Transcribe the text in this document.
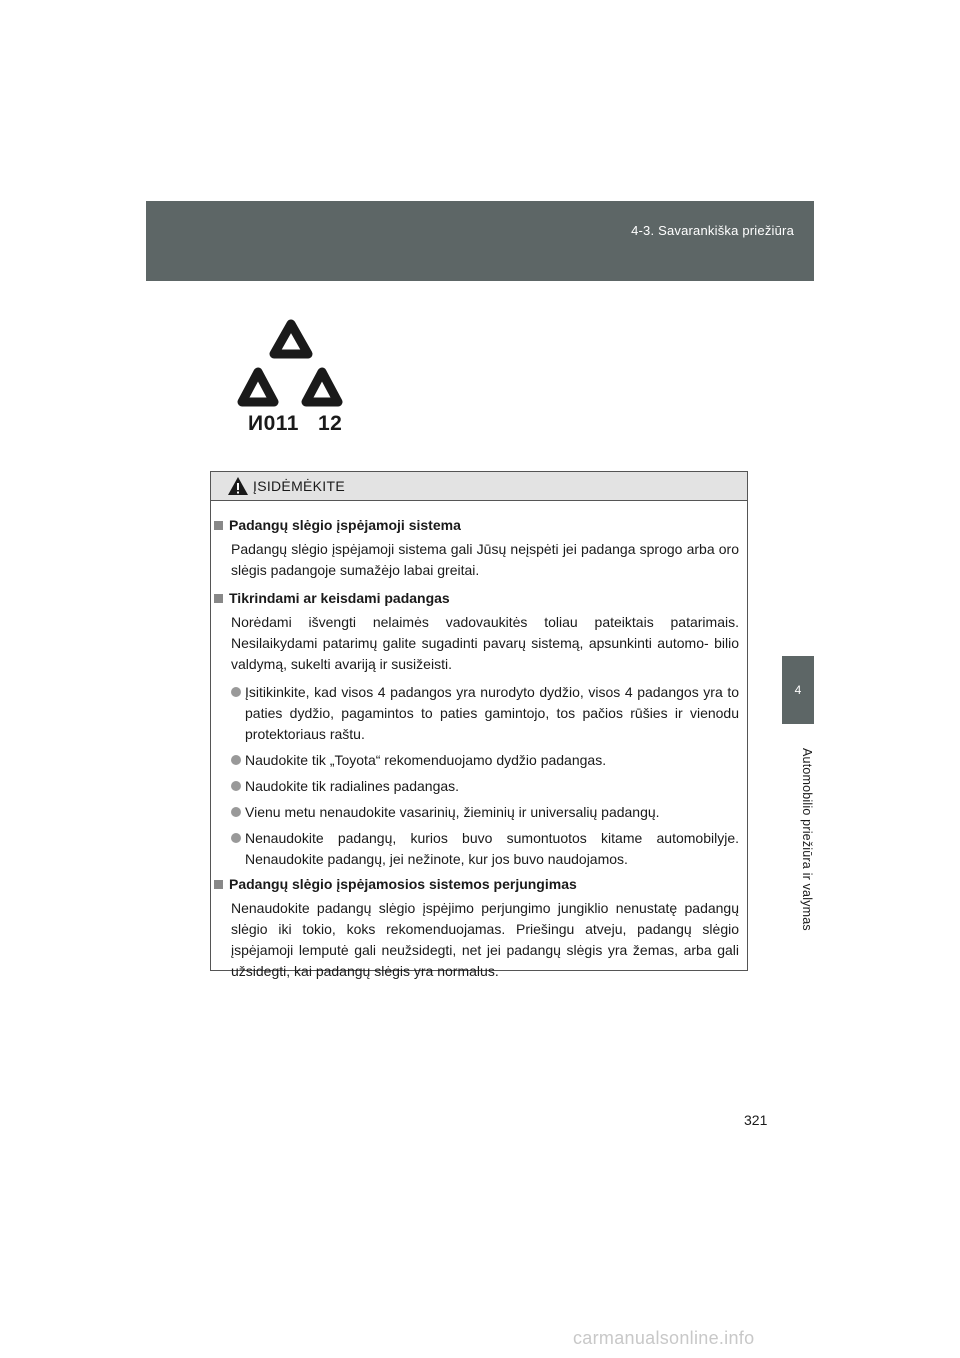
4-3. Savarankiška priežiūra
4
Automobilio priežiūra ir valymas
И011   12
ĮSIDĖMĖKITE
Padangų slėgio įspėjamoji sistema
Padangų slėgio įspėjamoji sistema gali Jūsų neįspėti jei padanga sprogo arba oro slėgis padangoje sumažėjo labai greitai.
Tikrindami ar keisdami padangas
Norėdami išvengti nelaimės vadovaukitės toliau pateiktais patarimais. Nesilaikydami patarimų galite sugadinti pavarų sistemą, apsunkinti automo- bilio valdymą, sukelti avariją ir susižeisti.
Įsitikinkite, kad visos 4 padangos yra nurodyto dydžio, visos 4 padangos yra to paties dydžio, pagamintos to paties gamintojo, tos pačios rūšies ir vienodu protektoriaus raštu.
Naudokite tik „Toyota“ rekomenduojamo dydžio padangas.
Naudokite tik radialines padangas.
Vienu metu nenaudokite vasarinių, žieminių ir universalių padangų.
Nenaudokite padangų, kurios buvo sumontuotos kitame automobilyje. Nenaudokite padangų, jei nežinote, kur jos buvo naudojamos.
Padangų slėgio įspėjamosios sistemos perjungimas
Nenaudokite padangų slėgio įspėjimo perjungimo jungiklio nenustatę padangų slėgio iki tokio, koks rekomenduojamas. Priešingu atveju, padangų slėgio įspėjamoji lemputė gali neužsidegti, net jei padangų slėgis yra žemas, arba gali užsidegti, kai padangų slėgis yra normalus.
321
carmanualsonline.info
